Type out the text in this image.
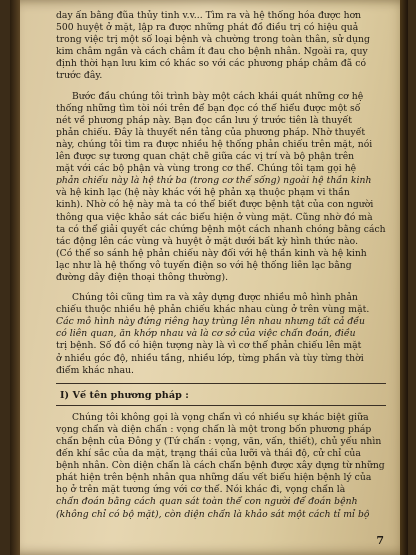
day ấn bằng đũa thủy tinh v.v... Tìm ra và hệ thống hóa được hơn
500 huyệt ở mặt, lập ra được những phát đồ điều trị có hiệu quả
trong việc trị một số loại bệnh và chường trong toàn thân, sử dụng
kim châm ngắn và cách châm ít đau cho bệnh nhân. Ngoài ra, quy
định thời hạn lưu kim có khác so với các phương pháp châm đã có
trước đây.
Bước đầu chúng tôi trình bày một cách khái quát những cơ hệ
thống những tìm tòi nói trên để bạn đọc có thể hiểu được một số
nét về phương pháp này. Bạn đọc cần lưu ý trước tiên là thuyết
phản chiếu. Đây là thuyết nền tảng của phương pháp. Nhờ thuyết
này, chúng tôi tìm ra được nhiều hệ thống phản chiếu trên mặt, nói
lên được sự tương quan chặt chẽ giữa các vị trí và bộ phận trên
mặt với các bộ phận và vùng trong cơ thể. Chúng tôi tạm gọi hệ
phản chiếu này là hệ thứ ba (trong cơ thể sống) ngoài hệ thần kinh
và hệ kinh lạc (hệ này khác với hệ phản xạ thuộc phạm vi thần
kinh). Nhờ có hệ này mà ta có thể biết được bệnh tật của con người
thông qua việc khảo sát các biểu hiện ở vùng mặt. Cũng nhờ đó mà
ta có thể giải quyết các chứng bệnh một cách nhanh chóng bằng cách
tác động lên các vùng và huyệt ở mặt dưới bất kỳ hình thức nào.
(Có thể so sánh hệ phản chiếu này đối với hệ thần kinh và hệ kinh
lạc như là hệ thống vô tuyến điện so với hệ thống liên lạc bằng
đường dây điện thoại thông thường).
Chúng tôi cũng tìm ra và xây dựng được nhiều mô hình phản
chiếu thuộc nhiều hệ phản chiếu khác nhau cùng ở trên vùng mặt.
Các mô hình này đứng riêng hay trùng lên nhau nhưng tất cả đều
có liên quan, ăn khớp nhau và là cơ sở của việc chẩn đoán, điều
trị bệnh. Số đồ có hiện tượng này là vì cơ thể phản chiếu lên mặt
ở nhiều góc độ, nhiều tầng, nhiều lớp, từng phần và tùy từng thời
điểm khác nhau.
I) Về tên phương pháp :
Chúng tôi không gọi là vọng chẩn vì có nhiều sự khác biệt giữa
vọng chẩn và diện chẩn : vọng chẩn là một trong bốn phương pháp
chẩn bệnh của Đông y (Tứ chẩn : vọng, văn, vấn, thiết), chủ yếu nhìn
đến khí sắc của da mặt, trạng thái của lưỡi và thái độ, cử chỉ của
bệnh nhân. Còn diện chẩn là cách chẩn bệnh được xây dựng từ những
phát hiện trên bệnh nhân qua những dấu vết biểu hiện bệnh lý của
họ ở trên mặt tương ứng với cơ thể. Nói khác đi, vọng chẩn là
chẩn đoán bằng cách quan sát toàn thể con người để đoán bệnh
(không chỉ có bộ mặt), còn diện chẩn là khảo sát một cách tỉ mỉ bộ
7
